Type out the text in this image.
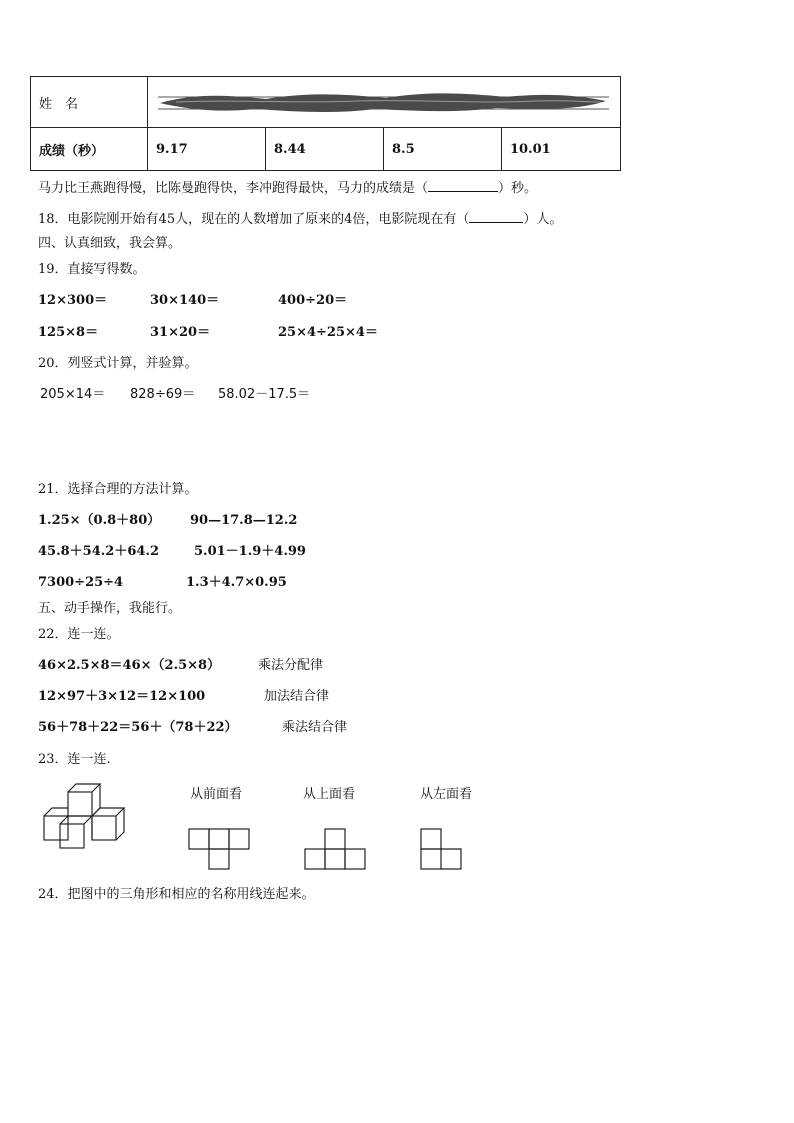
姓　名	

成绩（秒）	9.17	8.44	8.5	10.01
马力比王燕跑得慢，比陈曼跑得快，李冲跑得最快，马力的成绩是（	）秒。
18．电影院刚开始有45人，现在的人数增加了原来的4倍，电影院现在有（	）人。
四、认真细致，我会算。
19．直接写得数。
12×300＝	30×140＝	400÷20＝
125×8＝	31×20＝	25×4÷25×4＝
20．列竖式计算，并验算。
205×14＝ 828÷69＝ 58.02－17.5＝
21．选择合理的方法计算。
1.25×（0.8＋80） 90—17.8—12.2
45.8＋54.2＋64.2	5.01－1.9＋4.99
7300÷25÷4	1.3＋4.7×0.95
五、动手操作，我能行。
22．连一连。
46×2.5×8＝46×（2.5×8）
12×97＋3×12＝12×100
56＋78＋22＝56＋（78＋22）
乘法分配律
加法结合律
乘法结合律
23．连一连.
从前面看	从上面看	从左面看
24．把图中的三角形和相应的名称用线连起来。
